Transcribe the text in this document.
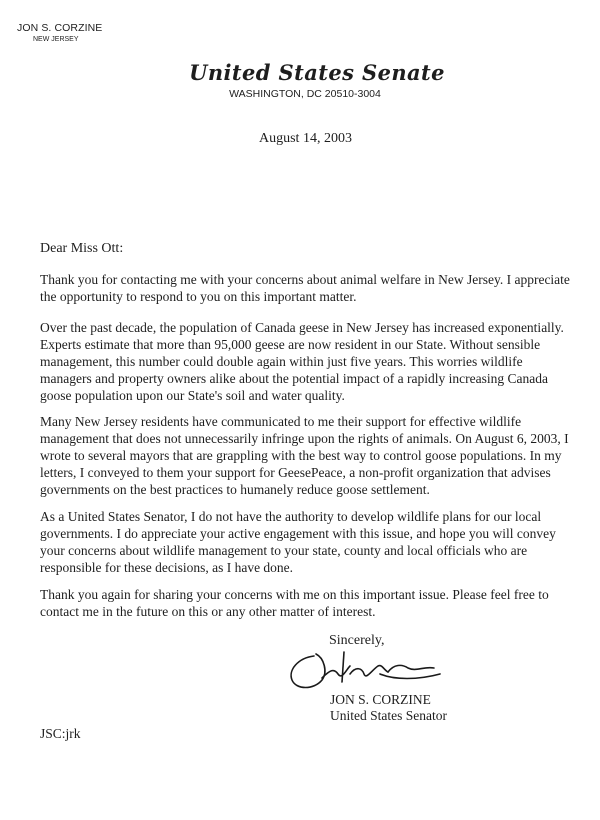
JON S. CORZINE
NEW JERSEY
United States Senate
WASHINGTON, DC 20510-3004
August 14, 2003
Dear Miss Ott:

Thank you for contacting me with your concerns about animal welfare in New Jersey. I appreciate the opportunity to respond to you on this important matter.

Over the past decade, the population of Canada geese in New Jersey has increased exponentially. Experts estimate that more than 95,000 geese are now resident in our State. Without sensible management, this number could double again within just five years. This worries wildlife managers and property owners alike about the potential impact of a rapidly increasing Canada goose population upon our State's soil and water quality.

Many New Jersey residents have communicated to me their support for effective wildlife management that does not unnecessarily infringe upon the rights of animals. On August 6, 2003, I wrote to several mayors that are grappling with the best way to control goose populations. In my letters, I conveyed to them your support for GeesePeace, a non-profit organization that advises governments on the best practices to humanely reduce goose settlement.

As a United States Senator, I do not have the authority to develop wildlife plans for our local governments. I do appreciate your active engagement with this issue, and hope you will convey your concerns about wildlife management to your state, county and local officials who are responsible for these decisions, as I have done.

Thank you again for sharing your concerns with me on this important issue. Please feel free to contact me in the future on this or any other matter of interest.

Sincerely,
JON S. CORZINE
United States Senator
JSC:jrk
